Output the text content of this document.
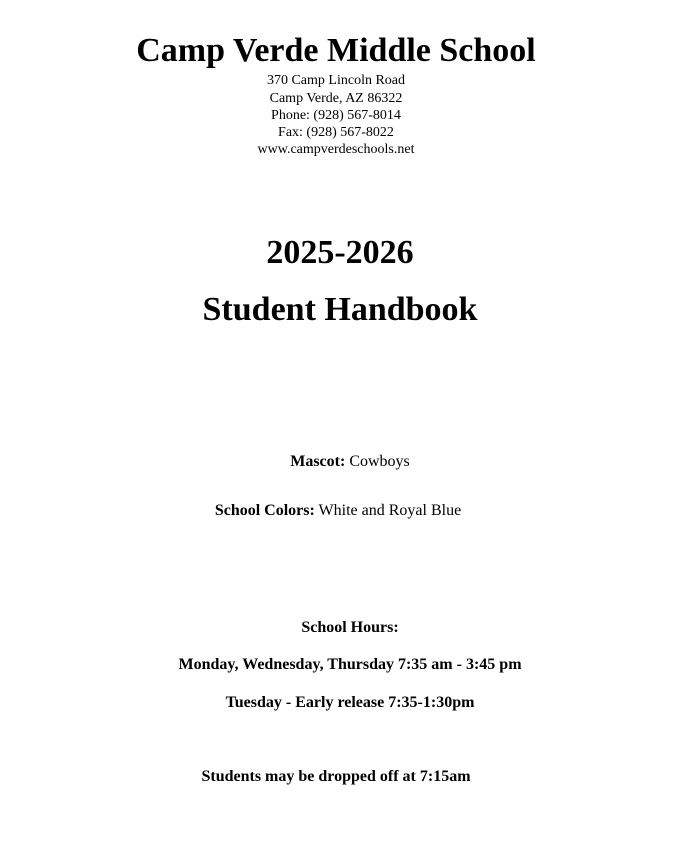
Camp Verde Middle School
370 Camp Lincoln Road
Camp Verde, AZ 86322
Phone: (928) 567-8014
Fax: (928) 567-8022
www.campverdeschools.net
2025-2026
Student Handbook
Mascot: Cowboys
School Colors: White and Royal Blue
School Hours:
Monday, Wednesday, Thursday 7:35 am - 3:45 pm
Tuesday - Early release 7:35-1:30pm
Students may be dropped off at 7:15am
